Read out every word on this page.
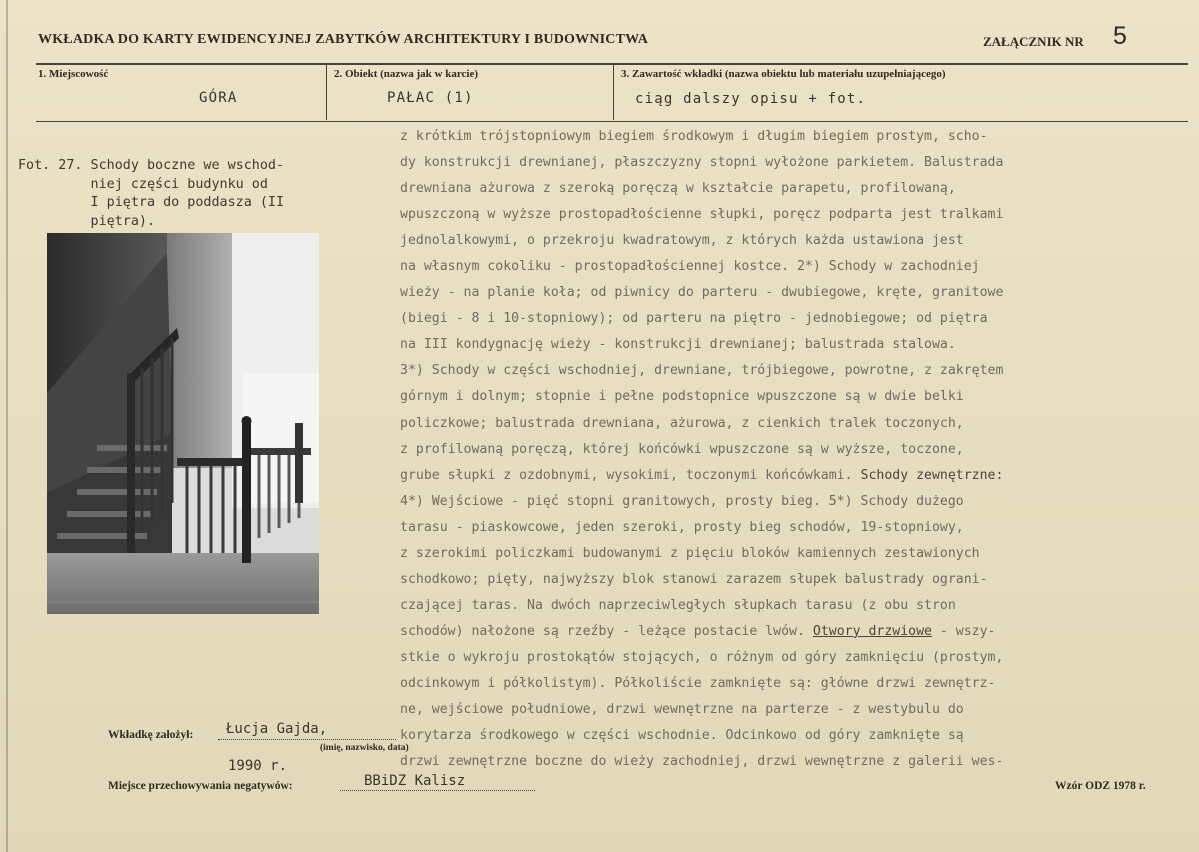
WKŁADKA DO KARTY EWIDENCYJNEJ ZABYTKÓW ARCHITEKTURY I BUDOWNICTWA	ZAŁĄCZNIK NR 5
1. Miejscowość
GÓRA
2. Obiekt (nazwa jak w karcie)
PAŁAC (1)
3. Zawartość wkładki (nazwa obiektu lub materiału uzupełniającego)
ciąg dalszy opisu + fot.
Fot. 27. Schody boczne we wschod-
niej części budynku od
I piętra do poddasza (II
piętra).

z krótkim trójstopniowym biegiem środkowym i długim biegiem prostym, scho-

dy konstrukcji drewnianej, płaszczyzny stopni wyłożone parkietem. Balustrada

drewniana ażurowa z szeroką poręczą w kształcie parapetu, profilowaną,

wpuszczoną w wyższe prostopadłościenne słupki, poręcz podparta jest tralkami

jednolalkowymi, o przekroju kwadratowym, z których każda ustawiona jest

na własnym cokoliku - prostopadłościennej kostce. 2*) Schody w zachodniej

wieży - na planie koła; od piwnicy do parteru - dwubiegowe, kręte, granitowe

(biegi - 8 i 10-stopniowy); od parteru na piętro - jednobiegowe; od piętra

na III kondygnację wieży - konstrukcji drewnianej; balustrada stalowa.

3*) Schody w części wschodniej, drewniane, trójbiegowe, powrotne, z zakrętem

górnym i dolnym; stopnie i pełne podstopnice wpuszczone są w dwie belki

policzkowe; balustrada drewniana, ażurowa, z cienkich tralek toczonych,

z profilowaną poręczą, której końcówki wpuszczone są w wyższe, toczone,

grube słupki z ozdobnymi, wysokimi, toczonymi końcówkami. Schody zewnętrzne:

4*) Wejściowe - pięć stopni granitowych, prosty bieg. 5*) Schody dużego

tarasu - piaskowcowe, jeden szeroki, prosty bieg schodów, 19-stopniowy,

z szerokimi policzkami budowanymi z pięciu bloków kamiennych zestawionych

schodkowo; pięty, najwyższy blok stanowi zarazem słupek balustrady ograni-

czającej taras. Na dwóch naprzeciwległych słupkach tarasu (z obu stron

schodów) nałożone są rzeźby - leżące postacie lwów. Otwory drzwiowe - wszy-

stkie o wykroju prostokątów stojących, o różnym od góry zamknięciu (prostym,

odcinkowym i półkolistym). Półkoliście zamknięte są: główne drzwi zewnętrz-

ne, wejściowe południowe, drzwi wewnętrzne na parterze - z westybulu do

korytarza środkowego w części wschodnie. Odcinkowo od góry zamknięte są

drzwi zewnętrzne boczne do wieży zachodniej, drzwi wewnętrzne z galerii wes-

Wkładkę założył: Łucja Gajda,
(imię, nazwisko, data)
1990 r.
Miejsce przechowywania negatywów:	BBiDZ Kalisz	Wzór ODZ 1978 r.
